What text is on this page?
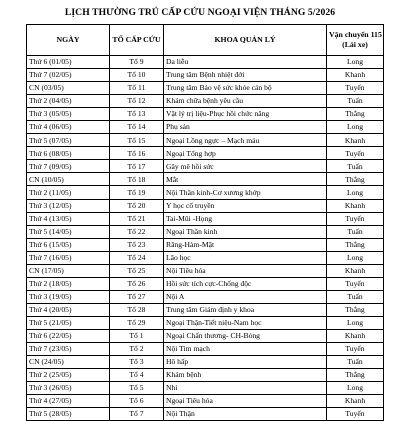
LỊCH THƯỜNG TRÚ CẤP CỨU NGOẠI VIỆN THÁNG 5/2026
NGÀY	TỔ CẤP CỨU	KHOA QUẢN LÝ	Vận chuyển 115
(Lái xe)

Thứ 6 (01/05)	Tổ 9	Da liễu	Long
Thứ 7 (02/05)	Tổ 10	Trung tâm Bệnh nhiệt đới	Khanh
CN (03/05)	Tổ 11	Trung tâm Bảo vệ sức khỏe cán bộ	Tuyến
Thứ 2 (04/05)	Tổ 12	Khám chữa bệnh yêu cầu	Tuấn
Thứ 3 (05/05)	Tổ 13	Vật lý trị liệu-Phục hồi chức năng	Thắng
Thứ 4 (06/05)	Tổ 14	Phụ sản	Long
Thứ 5 (07/05)	Tổ 15	Ngoại Lồng ngực – Mạch máu	Khanh
Thứ 6 (08/05)	Tổ 16	Ngoại Tổng hợp	Tuyến
Thứ 7 (09/05)	Tổ 17	Gây mê hồi sức	Tuấn
CN (10/05)	Tổ 18	Mắt	Thắng
Thứ 2 (11/05)	Tổ 19	Nội Thần kinh-Cơ xương khớp	Long
Thứ 3 (12/05)	Tổ 20	Y học cổ truyền	Khanh
Thứ 4 (13/05)	Tổ 21	Tai-Mũi -Họng	Tuyến
Thứ 5 (14/05)	Tổ 22	Ngoại Thần kinh	Tuấn
Thứ 6 (15/05)	Tổ 23	Răng-Hàm-Mặt	Thắng
Thứ 7 (16/05)	Tổ 24	Lão học	Long
CN (17/05)	Tổ 25	Nội Tiêu hóa	Khanh
Thứ 2 (18/05)	Tổ 26	Hồi sức tích cực-Chống độc	Tuyến
Thứ 3 (19/05)	Tổ 27	Nội A	Tuấn
Thứ 4 (20/05)	Tổ 28	Trung tâm Giám định y khoa	Thắng
Thứ 5 (21/05)	Tổ 29	Ngoại Thận-Tiết niệu-Nam học	Long
Thứ 6 (22/05)	Tổ 1	Ngoại Chấn thương- CH-Bỏng	Khanh
Thứ 7 (23/05)	Tổ 2	Nội Tim mạch	Tuyến
CN (24/05)	Tổ 3	Hô hấp	Tuấn
Thứ 2 (25/05)	Tổ 4	Khám bệnh	Thắng
Thứ 3 (26/05)	Tổ 5	Nhi	Long
Thứ 4 (27/05)	Tổ 6	Ngoại Tiêu hóa	Khanh
Thứ 5 (28/05)	Tổ 7	Nội Thận	Tuyến
